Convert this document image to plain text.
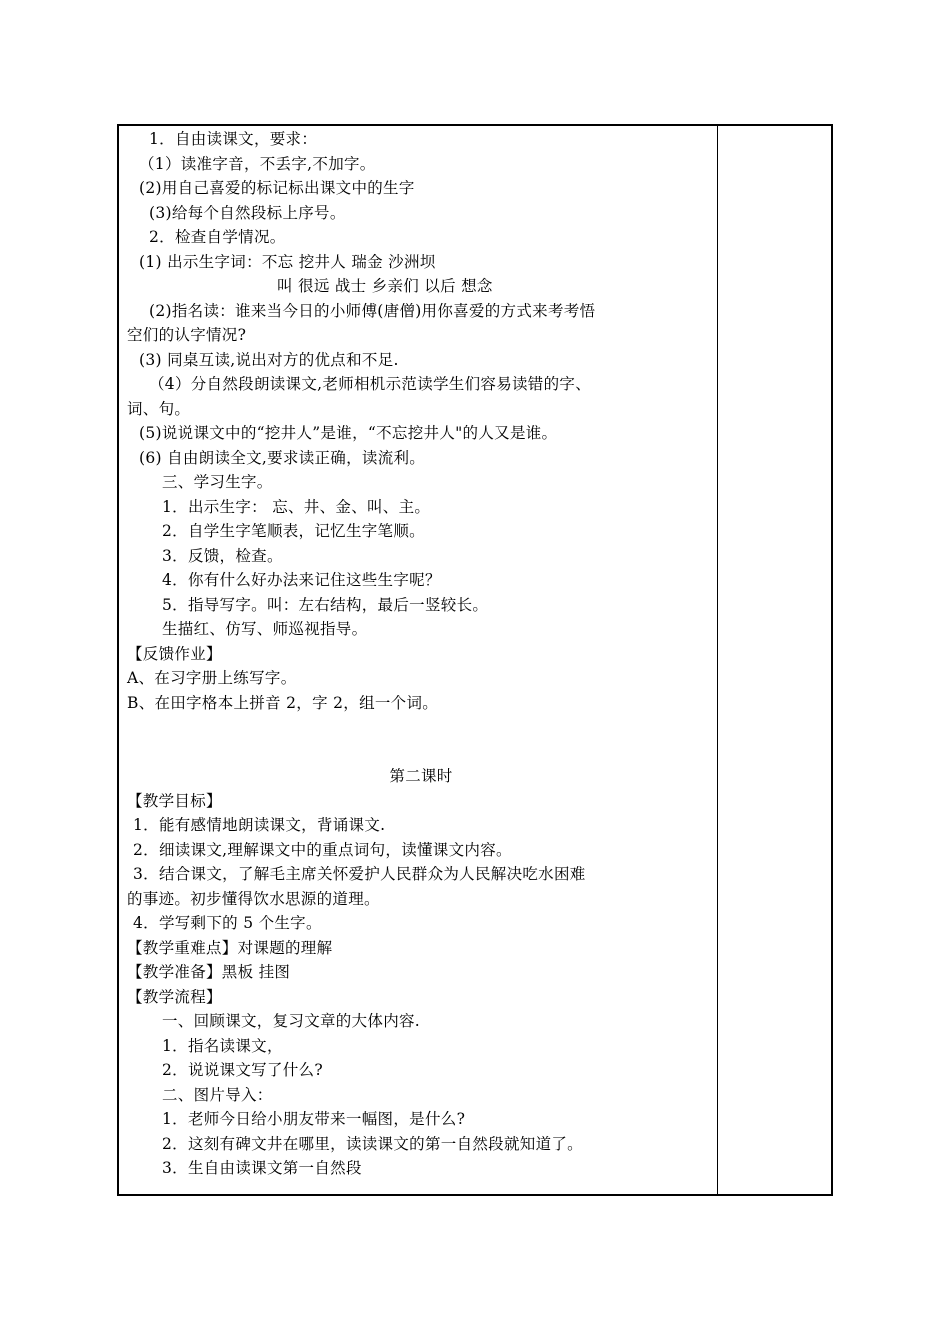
1．自由读课文，要求：
（1）读准字音，不丢字,不加字。
(2)用自己喜爱的标记标出课文中的生字
(3)给每个自然段标上序号。
2．检查自学情况。
(1) 出示生字词：不忘 挖井人 瑞金 沙洲坝
叫 很远 战士 乡亲们 以后 想念
(2)指名读：谁来当今日的小师傅(唐僧)用你喜爱的方式来考考悟
空们的认字情况?
(3) 同桌互读,说出对方的优点和不足.
（4）分自然段朗读课文,老师相机示范读学生们容易读错的字、
词、句。
(5)说说课文中的“挖井人”是谁，“不忘挖井人"的人又是谁。
(6) 自由朗读全文,要求读正确，读流利。
三、学习生字。
1．出示生字： 忘、井、金、叫、主。
2．自学生字笔顺表，记忆生字笔顺。
3．反馈，检查。
4．你有什么好办法来记住这些生字呢？
5．指导写字。叫：左右结构，最后一竖较长。
生描红、仿写、师巡视指导。
【反馈作业】
A、在习字册上练写字。
B、在田字格本上拼音 2，字 2，组一个词。
第二课时
【教学目标】
1．能有感情地朗读课文，背诵课文.
2．细读课文,理解课文中的重点词句，读懂课文内容。
3．结合课文，了解毛主席关怀爱护人民群众为人民解决吃水困难
的事迹。初步懂得饮水思源的道理。
4．学写剩下的 5 个生字。
【教学重难点】对课题的理解
【教学准备】黑板 挂图
【教学流程】
一、回顾课文，复习文章的大体内容.
1．指名读课文，
2．说说课文写了什么?
二、图片导入：
1．老师今日给小朋友带来一幅图，是什么?
2．这刻有碑文井在哪里，读读课文的第一自然段就知道了。
3．生自由读课文第一自然段
